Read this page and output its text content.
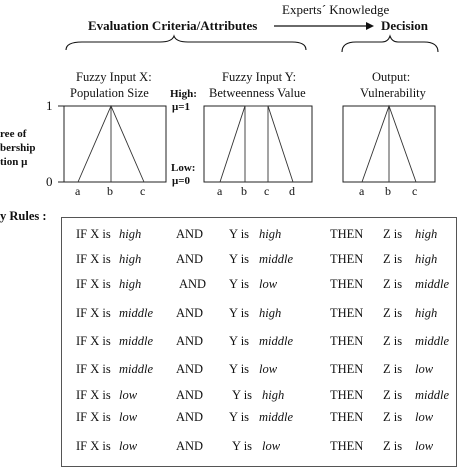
Experts´ Knowledge
Evaluation Criteria/Attributes	Decision
Fuzzy Input X:
Population Size
Fuzzy Input Y:
Betweenness Value
Output:
Vulnerability
1
0
ree of
bership
tion μ
High:
μ=1
Low:
μ=0
a b c	a b c d	a b c
y Rules :
IF X is high	AND Y is high	THEN Z is high
IF X is high	AND Y is middle	THEN Z is high
IF X is high	AND Y is low	THEN Z is middle
IF X is middle AND Y is high	THEN Z is high
IF X is middle AND Y is middle	THEN Z is middle
IF X is middle AND Y is low	THEN Z is low
IF X is low	AND Y is high	THEN Z is middle
IF X is low	AND Y is middle	THEN Z is low
IF X is low	AND Y is low	THEN Z is low
